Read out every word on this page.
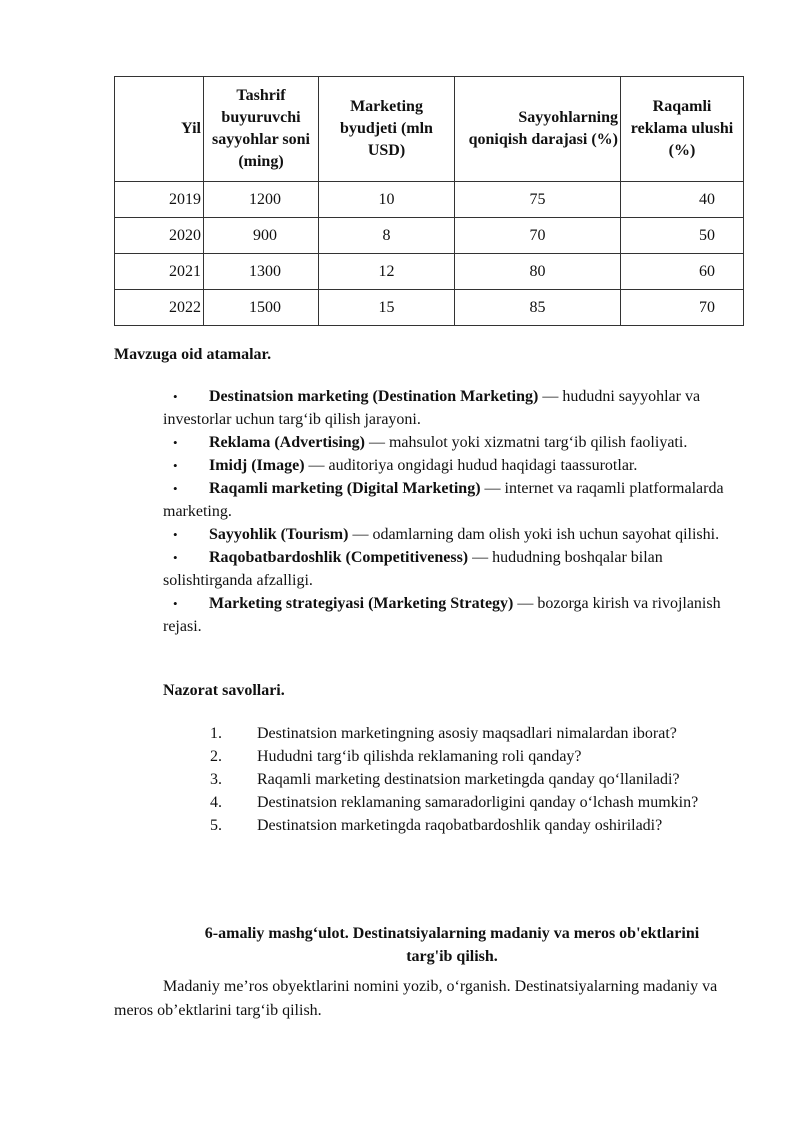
Yil	Tashrif buyuruvchi sayyohlar soni (ming)	Marketing byudjeti (mln USD)	Sayyohlarning qoniqish darajasi (%)	Raqamli reklama ulushi (%)
2019	1200	10	75	40
2020	900	8	70	50
2021	1300	12	80	60
2022	1500	15	85	70

Mavzuga oid atamalar.

• Destinatsion marketing (Destination Marketing) — hududni sayyohlar va investorlar uchun targ‘ib qilish jarayoni.
• Reklama (Advertising) — mahsulot yoki xizmatni targ‘ib qilish faoliyati.
• Imidj (Image) — auditoriya ongidagi hudud haqidagi taassurotlar.
• Raqamli marketing (Digital Marketing) — internet va raqamli platformalarda marketing.
• Sayyohlik (Tourism) — odamlarning dam olish yoki ish uchun sayohat qilishi.
• Raqobatbardoshlik (Competitiveness) — hududning boshqalar bilan solishtirganda afzalligi.
• Marketing strategiyasi (Marketing Strategy) — bozorga kirish va rivojlanish rejasi.

Nazorat savollari.

1.	Destinatsion marketingning asosiy maqsadlari nimalardan iborat?
2.	Hududni targ‘ib qilishda reklamaning roli qanday?
3.	Raqamli marketing destinatsion marketingda qanday qo‘llaniladi?
4.	Destinatsion reklamaning samaradorligini qanday o‘lchash mumkin?
5.	Destinatsion marketingda raqobatbardoshlik qanday oshiriladi?
6-amaliy mashg‘ulot. Destinatsiyalarning madaniy va meros ob'ektlarini
targ'ib qilish.

Madaniy me’ros obyektlarini nomini yozib, o‘rganish. Destinatsiyalarning madaniy va meros ob’ektlarini targ‘ib qilish.
